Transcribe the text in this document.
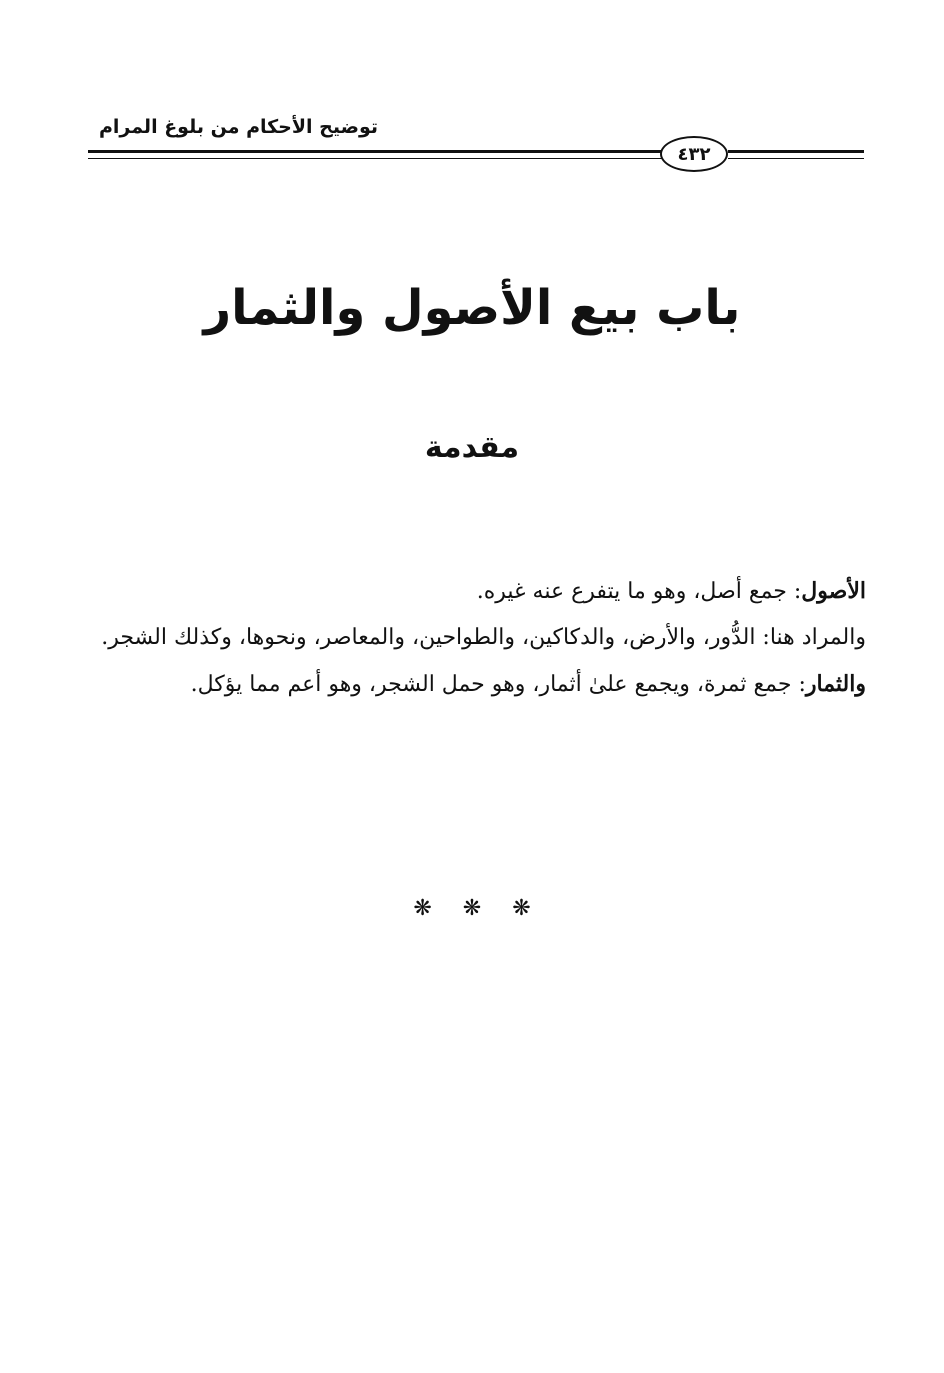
توضيح الأحكام من بلوغ المرام
٤٣٢
باب بيع الأصول والثمار
مقدمة

الأصول: جمع أصل، وهو ما يتفرع عنه غيره.

والمراد هنا: الدُّور، والأرض، والدكاكين، والطواحين، والمعاصر، ونحوها، وكذلك الشجر.

والثمار: جمع ثمرة، ويجمع علىٰ أثمار، وهو حمل الشجر، وهو أعم مما يؤكل.

❋ ❋ ❋
